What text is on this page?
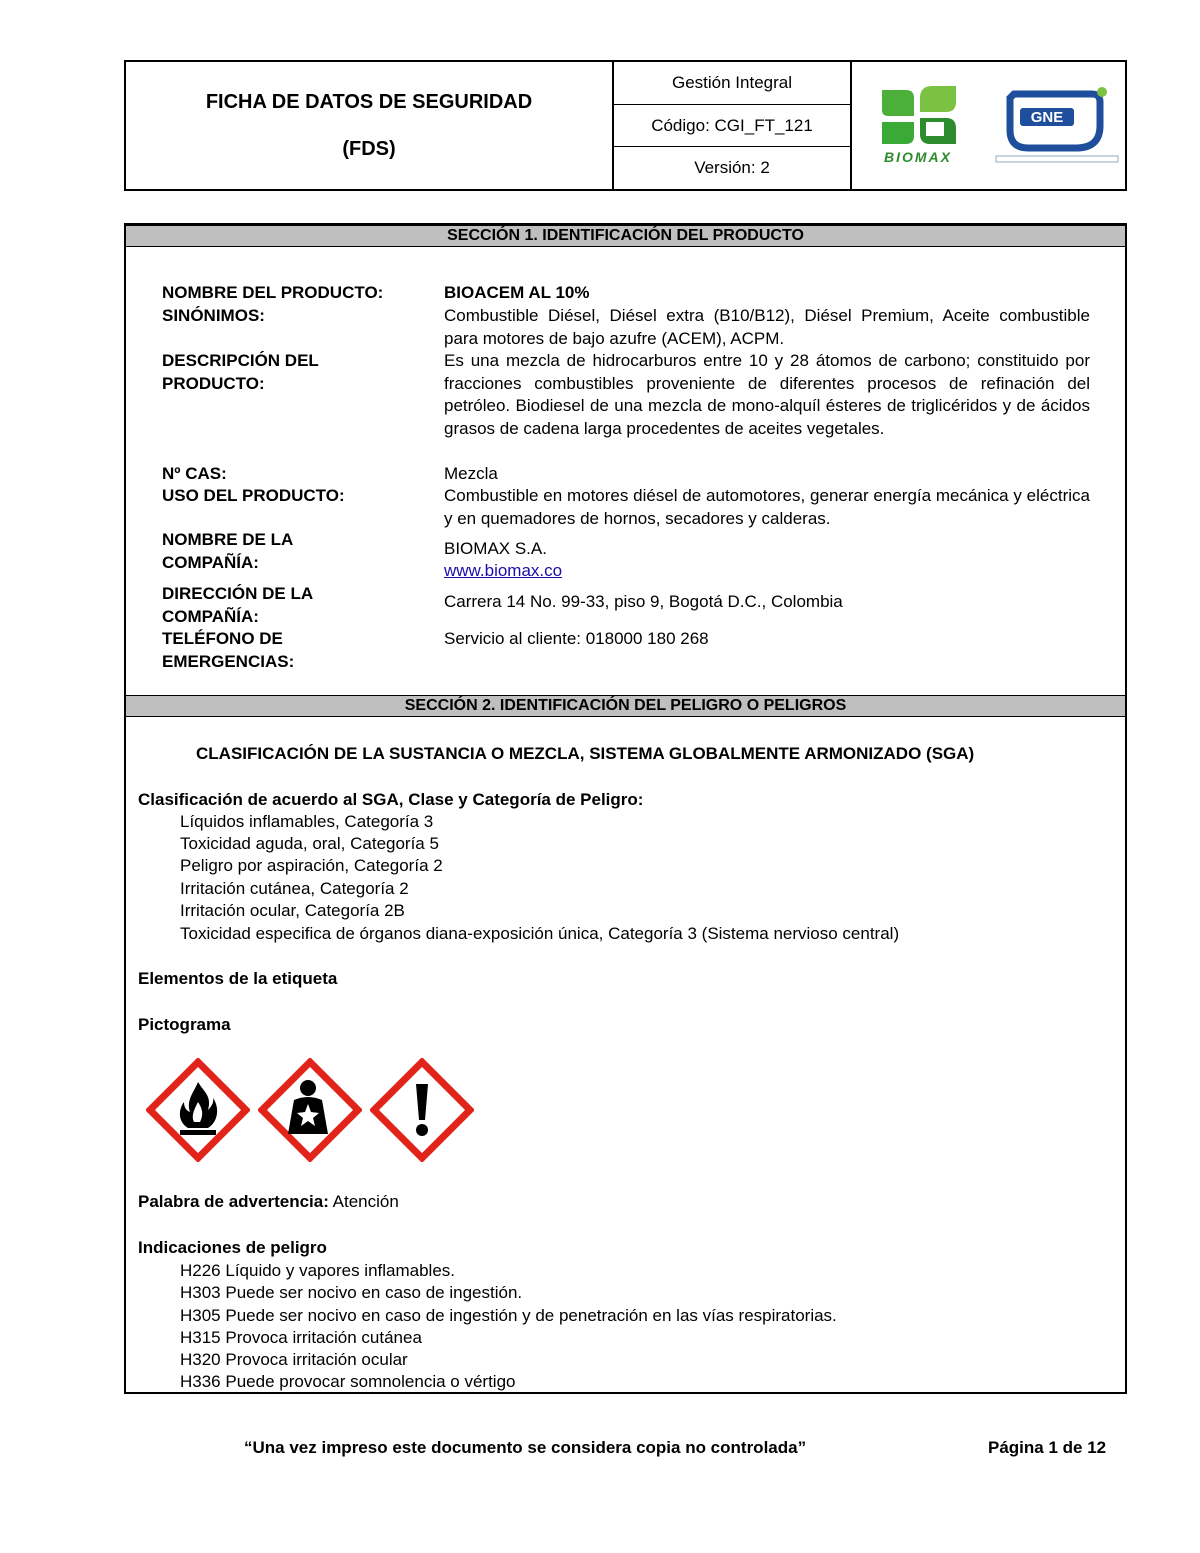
FICHA DE DATOS DE SEGURIDAD
(FDS)
Gestión Integral
Código: CGI_FT_121
Versión: 2
BIOMAX
GNE
SECCIÓN 1. IDENTIFICACIÓN DEL PRODUCTO
NOMBRE DEL PRODUCTO:	BIOACEM AL 10%
SINÓNIMOS:	Combustible Diésel, Diésel extra (B10/B12), Diésel Premium, Aceite combustible para motores de bajo azufre (ACEM), ACPM.
DESCRIPCIÓN DEL
PRODUCTO:
Es una mezcla de hidrocarburos entre 10 y 28 átomos de carbono; constituido por fracciones combustibles proveniente de diferentes procesos de refinación del petróleo. Biodiesel de una mezcla de mono-alquíl ésteres de triglicéridos y de ácidos grasos de cadena larga procedentes de aceites vegetales.
Nº CAS:	Mezcla
USO DEL PRODUCTO:	Combustible en motores diésel de automotores, generar energía mecánica y eléctrica y en quemadores de hornos, secadores y calderas.
NOMBRE DE LA
COMPAÑÍA:
BIOMAX S.A.
www.biomax.co
DIRECCIÓN DE LA
COMPAÑÍA:
Carrera 14 No. 99-33, piso 9, Bogotá D.C., Colombia
TELÉFONO DE
EMERGENCIAS:
Servicio al cliente: 018000 180 268
SECCIÓN 2. IDENTIFICACIÓN DEL PELIGRO O PELIGROS
CLASIFICACIÓN DE LA SUSTANCIA O MEZCLA, SISTEMA GLOBALMENTE ARMONIZADO (SGA)
Clasificación de acuerdo al SGA, Clase y Categoría de Peligro:
Líquidos inflamables, Categoría 3
Toxicidad aguda, oral, Categoría 5
Peligro por aspiración, Categoría 2
Irritación cutánea, Categoría 2
Irritación ocular, Categoría 2B
Toxicidad especifica de órganos diana-exposición única, Categoría 3 (Sistema nervioso central)
Elementos de la etiqueta
Pictograma
Palabra de advertencia: Atención
Indicaciones de peligro
H226 Líquido y vapores inflamables.
H303 Puede ser nocivo en caso de ingestión.
H305 Puede ser nocivo en caso de ingestión y de penetración en las vías respiratorias.
H315 Provoca irritación cutánea
H320 Provoca irritación ocular
H336 Puede provocar somnolencia o vértigo
“Una vez impreso este documento se considera copia no controlada”	Página 1 de 12
